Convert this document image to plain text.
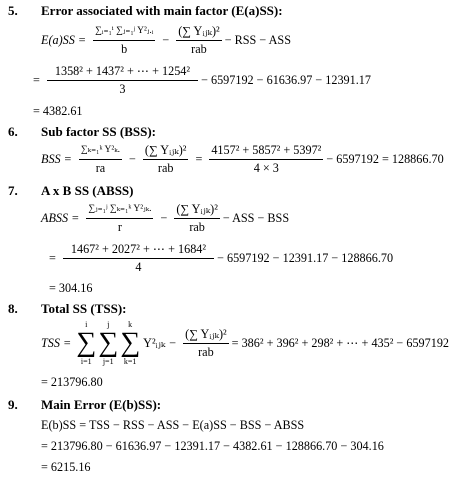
5. Error associated with main factor (E(a)SS):
$E(a)SS = \frac{\text{∑ᵢ₌₁ⁱ ∑ⱼ₌₁ʲ Y²ⱼ.ᵢ}}{b} - \frac{\text{(∑ Yᵢⱼₖ)²}}{\text{rab}}$ − RSS − ASS
= $\frac{\text{1358² + 1437² + ⋯ + 1254²}}{3} - 6597192 - 61636.97 - 12391.17$
= 4382.61
6. Sub factor SS (BSS):
BSS = $\frac{\text{∑ₖ₌₁ᵏ Y²ₖ.}}{ra} - \frac{\text{(∑ Yᵢⱼₖ)²}}{\text{rab}} = \frac{\text{4157² + 5857² + 5397²}}{4 \times 3} - 6597192 = 128866.70$
7. A x B SS (ABSS)
ABSS = $\frac{\text{∑ⱼ₌₁ʲ ∑ₖ₌₁ᵏ Y²ⱼₖ.}}{r} - \frac{\text{(∑ Yᵢⱼₖ)²}}{\text{rab}}$ − ASS − BSS
= $\frac{\text{1467² + 2027² + ⋯ + 1684²}}{4} - 6597192 - 12391.17 - 128866.70$
= 304.16
8. Total SS (TSS):
TSS =
i
∑
i=1
j
∑
j=1
k
∑
k=1
Y²ᵢⱼₖ − $\frac{\text{(∑ Yᵢⱼₖ)²}}{\text{rab}} = 386^2 + 396^2 + 298^2$ + ⋯ + 435² − 6597192
= 213796.80
9. Main Error (E(b)SS):
E(b)SS = TSS − RSS − ASS − E(a)SS − BSS − ABSS
= 213796.80 − 61636.97 − 12391.17 − 4382.61 − 128866.70 − 304.16
= 6215.16
